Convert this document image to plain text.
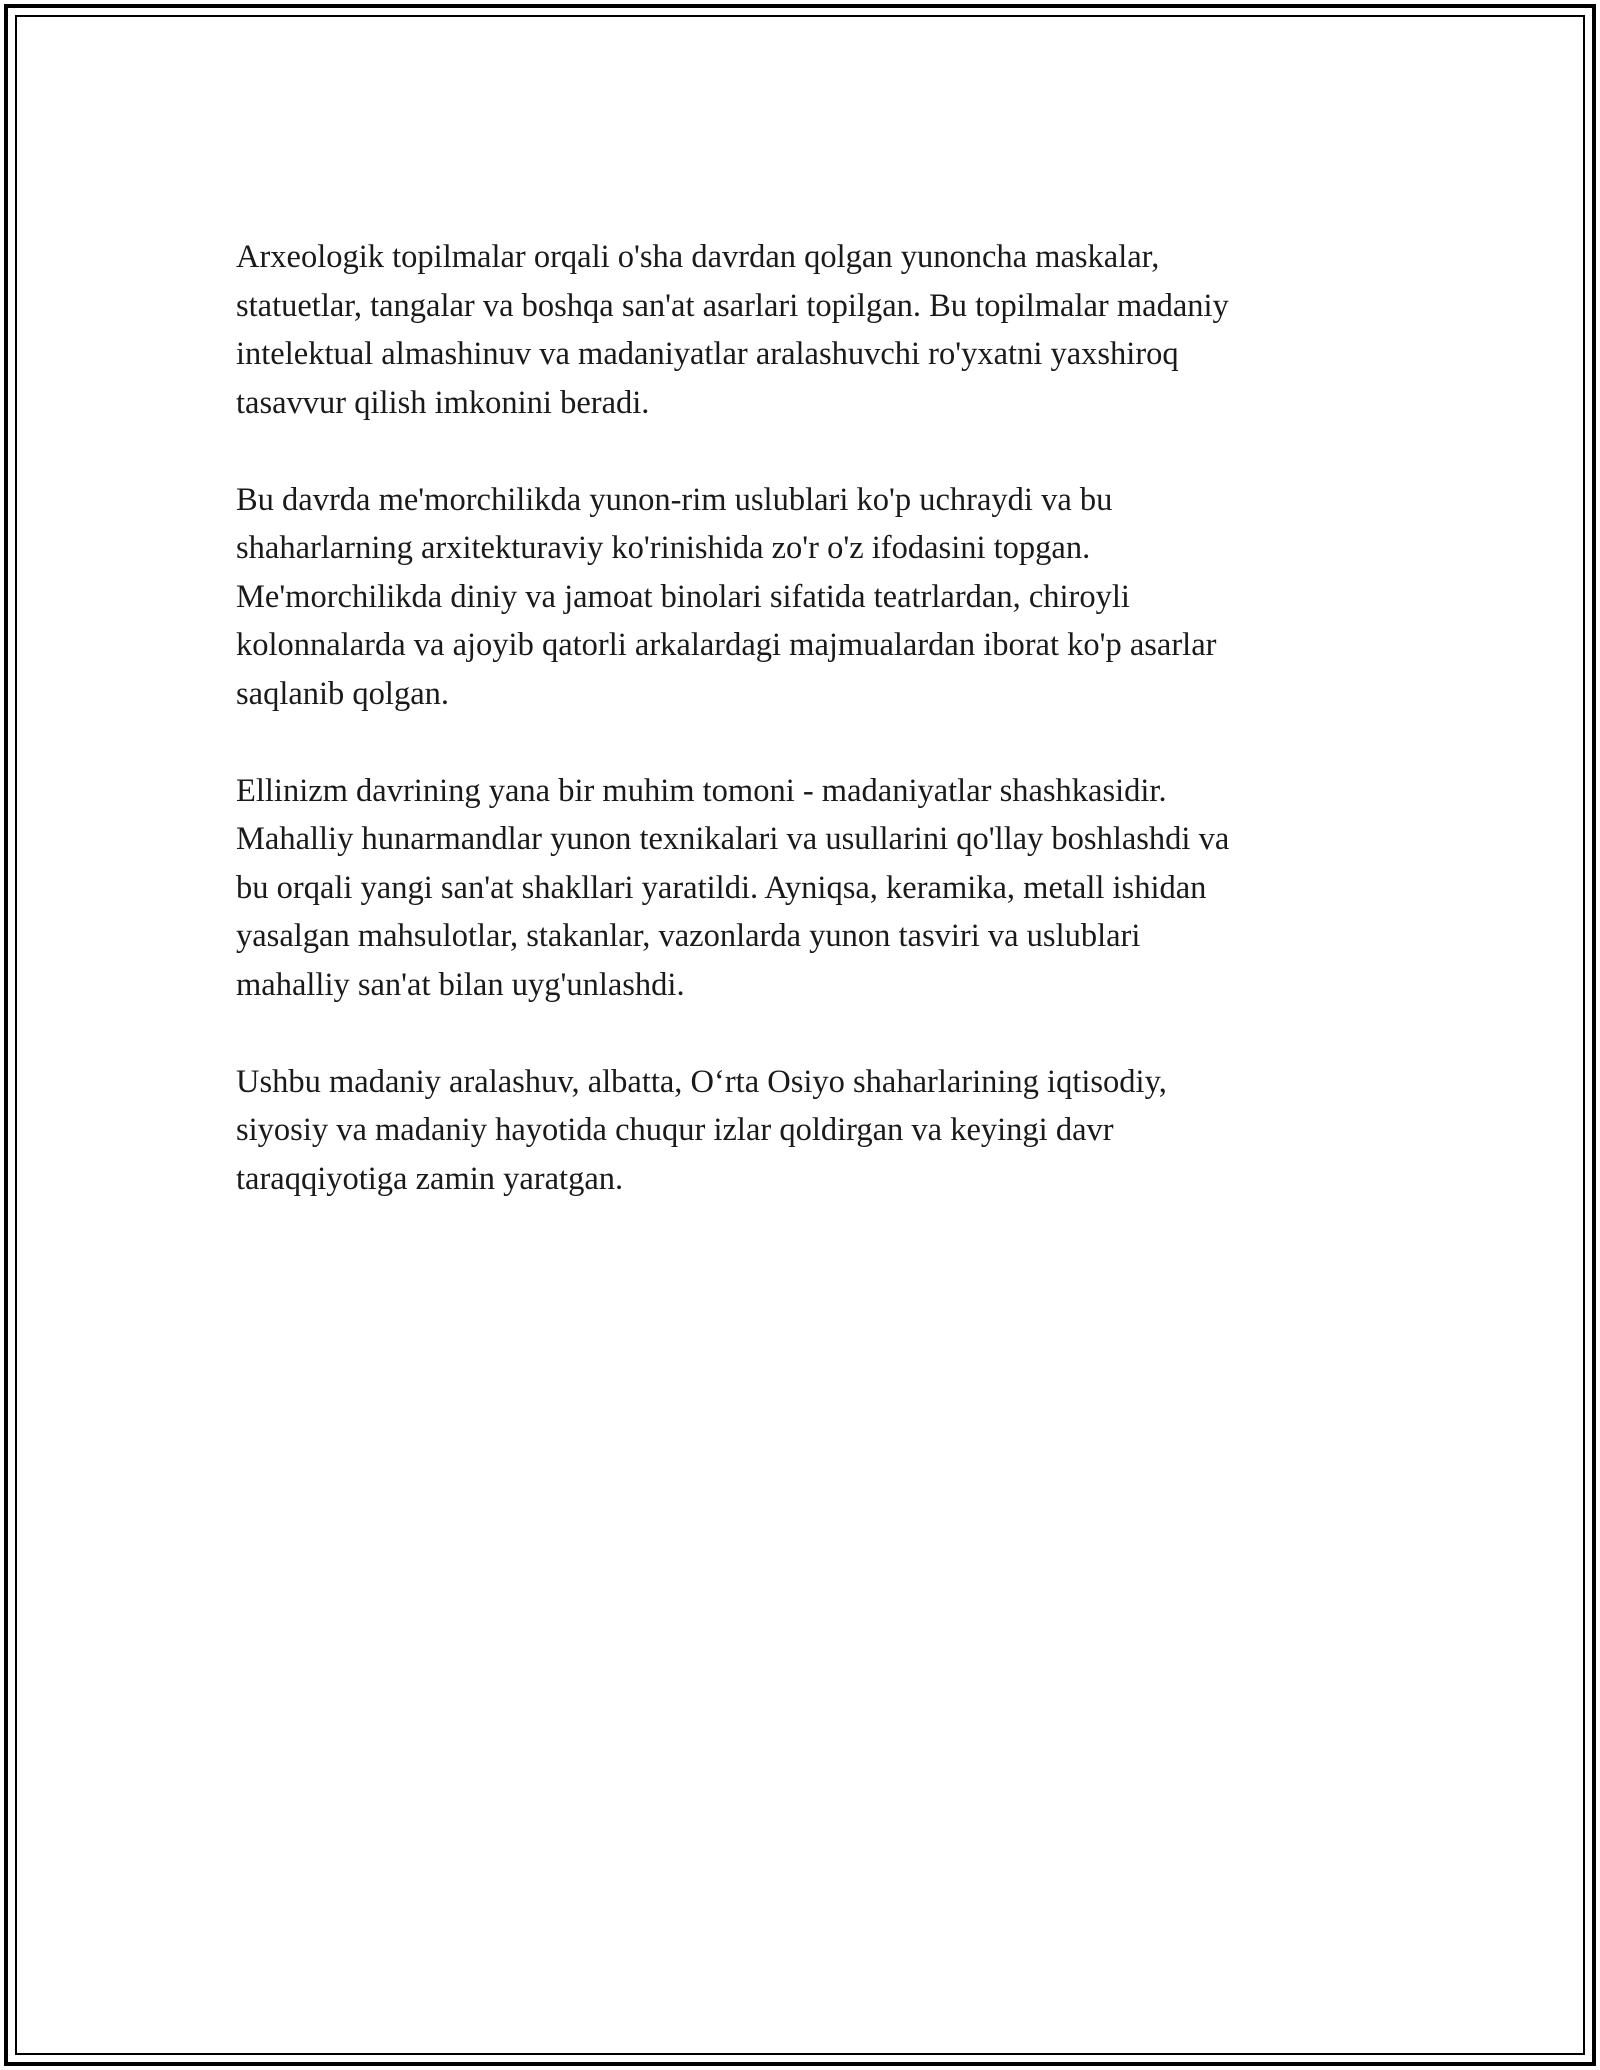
Arxeologik topilmalar orqali o'sha davrdan qolgan yunoncha maskalar,
statuetlar, tangalar va boshqa san'at asarlari topilgan. Bu topilmalar madaniy
intelektual almashinuv va madaniyatlar aralashuvchi ro'yxatni yaxshiroq
tasavvur qilish imkonini beradi.

Bu davrda me'morchilikda yunon-rim uslublari ko'p uchraydi va bu
shaharlarning arxitekturaviy ko'rinishida zo'r o'z ifodasini topgan.
Me'morchilikda diniy va jamoat binolari sifatida teatrlardan, chiroyli
kolonnalarda va ajoyib qatorli arkalardagi majmualardan iborat ko'p asarlar
saqlanib qolgan.

Ellinizm davrining yana bir muhim tomoni - madaniyatlar shashkasidir.
Mahalliy hunarmandlar yunon texnikalari va usullarini qo'llay boshlashdi va
bu orqali yangi san'at shakllari yaratildi. Ayniqsa, keramika, metall ishidan
yasalgan mahsulotlar, stakanlar, vazonlarda yunon tasviri va uslublari
mahalliy san'at bilan uyg'unlashdi.

Ushbu madaniy aralashuv, albatta, O‘rta Osiyo shaharlarining iqtisodiy,
siyosiy va madaniy hayotida chuqur izlar qoldirgan va keyingi davr
taraqqiyotiga zamin yaratgan.
